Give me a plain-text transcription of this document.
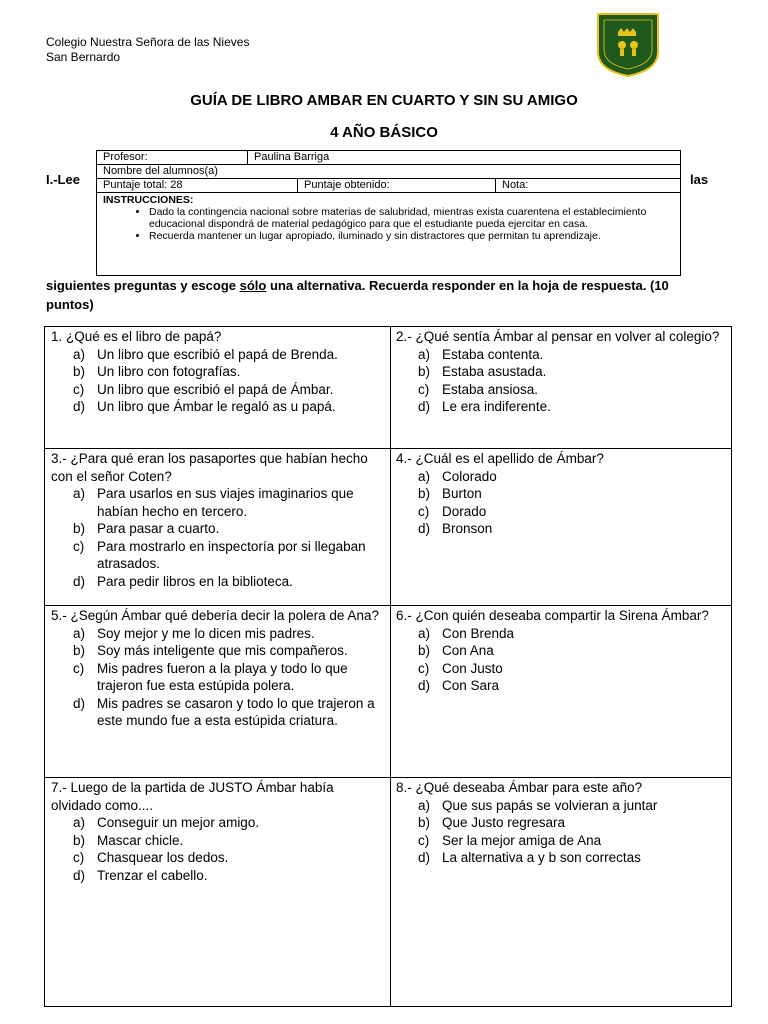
Colegio Nuestra Señora de las Nieves
San Bernardo
GUÍA DE LIBRO AMBAR EN CUARTO Y SIN SU AMIGO
4 AÑO BÁSICO
I.-Lee	las
Profesor:	Paulina Barriga
Nombre del alumnos(a)
Puntaje total: 28	Puntaje obtenido:	Nota:
INSTRUCCIONES:
• Dado la contingencia nacional sobre materias de salubridad, mientras exista cuarentena el establecimiento educacional dispondrá de material pedagógico para que el estudiante pueda ejercitar en casa.
• Recuerda mantener un lugar apropiado, iluminado y sin distractores que permitan tu aprendizaje.
siguientes preguntas y escoge sólo una alternativa. Recuerda responder en la hoja de respuesta. (10 puntos)
1. ¿Qué es el libro de papá?
a) Un libro que escribió el papá de Brenda.
b) Un libro con fotografías.
c) Un libro que escribió el papá de Ámbar.
d) Un libro que Ámbar le regaló as u papá.
2.- ¿Qué sentía Ámbar al pensar en volver al colegio?
a) Estaba contenta.
b) Estaba asustada.
c) Estaba ansiosa.
d) Le era indiferente.
3.- ¿Para qué eran los pasaportes que habían hecho con el señor Coten?
a) Para usarlos en sus viajes imaginarios que habían hecho en tercero.
b) Para pasar a cuarto.
c) Para mostrarlo en inspectoría por si llegaban atrasados.
d) Para pedir libros en la biblioteca.
4.- ¿Cuál es el apellido de Ámbar?
a) Colorado
b) Burton
c) Dorado
d) Bronson
5.- ¿Según Ámbar qué debería decir la polera de Ana?
a) Soy mejor y me lo dicen mis padres.
b) Soy más inteligente que mis compañeros.
c) Mis padres fueron a la playa y todo lo que trajeron fue esta estúpida polera.
d) Mis padres se casaron y todo lo que trajeron a este mundo fue a esta estúpida criatura.
6.- ¿Con quién deseaba compartir la Sirena Ámbar?
a) Con Brenda
b) Con Ana
c) Con Justo
d) Con Sara
7.- Luego de la partida de JUSTO Ámbar había olvidado como....
a) Conseguir un mejor amigo.
b) Mascar chicle.
c) Chasquear los dedos.
d) Trenzar el cabello.
8.- ¿Qué deseaba Ámbar para este año?
a) Que sus papás se volvieran a juntar
b) Que Justo regresara
c) Ser la mejor amiga de Ana
d) La alternativa a y b son correctas
